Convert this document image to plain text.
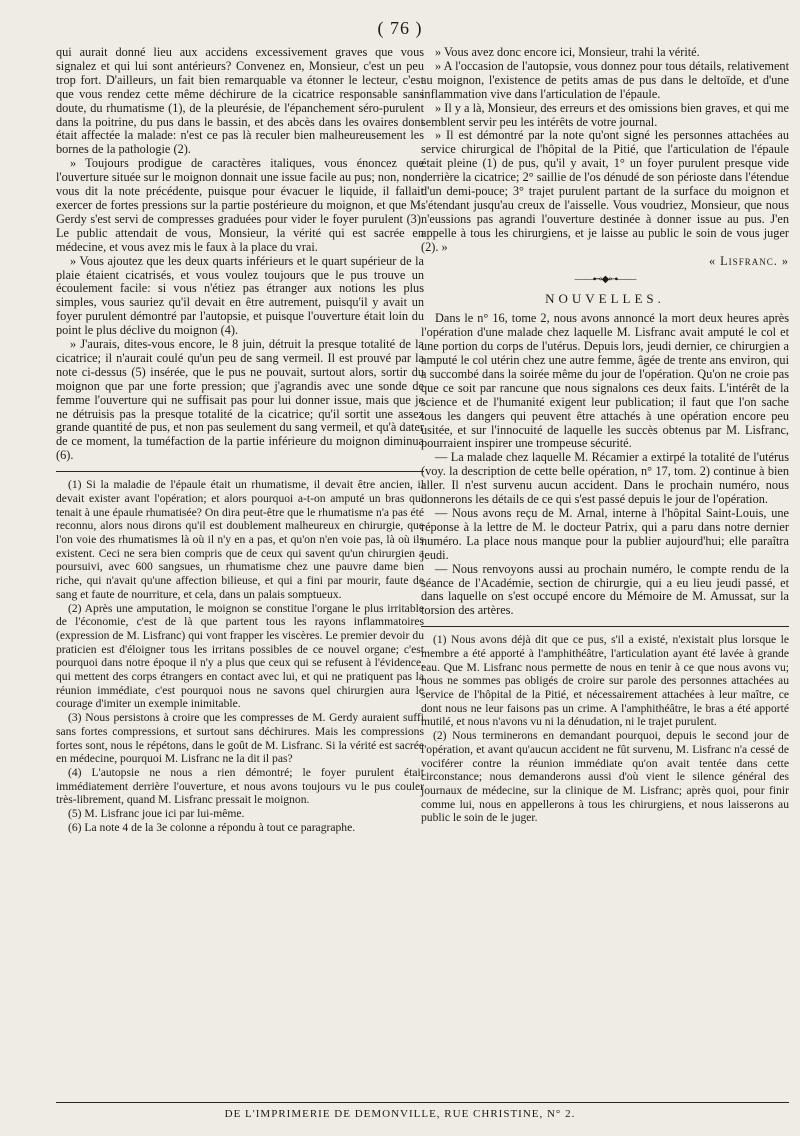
( 76 )

qui aurait donné lieu aux accidens excessivement graves que vous signalez et qui lui sont antérieurs? Convenez en, Monsieur, c'est un peu trop fort. D'ailleurs, un fait bien remarquable va étonner le lecteur, c'est que vous rendez cette même déchirure de la cicatrice responsable sans doute, du rhumatisme (1), de la pleurésie, de l'épanchement séro-purulent dans la poitrine, du pus dans le bassin, et des abcès dans les ovaires dont était affectée la malade: n'est ce pas là reculer bien malheureusement les bornes de la pathologie (2).

» Toujours prodigue de caractères italiques, vous énoncez que l'ouverture située sur le moignon donnait une issue facile au pus; non, non, vous dit la note précédente, puisque pour évacuer le liquide, il fallait exercer de fortes pressions sur la partie postérieure du moignon, et que M. Gerdy s'est servi de compresses graduées pour vider le foyer purulent (3). Le public attendait de vous, Monsieur, la vérité qui est sacrée en médecine, et vous avez mis le faux à la place du vrai.

» Vous ajoutez que les deux quarts inférieurs et le quart supérieur de la plaie étaient cicatrisés, et vous voulez toujours que le pus trouve un écoulement facile: si vous n'étiez pas étranger aux notions les plus simples, vous sauriez qu'il devait en être autrement, puisqu'il y avait un foyer purulent démontré par l'autopsie, et puisque l'ouverture était loin du point le plus déclive du moignon (4).

» J'aurais, dites-vous encore, le 8 juin, détruit la presque totalité de la cicatrice; il n'aurait coulé qu'un peu de sang vermeil. Il est prouvé par la note ci-dessus (5) insérée, que le pus ne pouvait, surtout alors, sortir du moignon que par une forte pression; que j'agrandis avec une sonde de femme l'ouverture qui ne suffisait pas pour lui donner issue, mais que je ne détruisis pas la presque totalité de la cicatrice; qu'il sortit une assez grande quantité de pus, et non pas seulement du sang vermeil, et qu'à dater de ce moment, la tuméfaction de la partie inférieure du moignon diminua (6).

(1) Si la maladie de l'épaule était un rhumatisme, il devait être ancien, il devait exister avant l'opération; et alors pourquoi a-t-on amputé un bras qui tenait à une épaule rhumatisée? On dira peut-être que le rhumatisme n'a pas été reconnu, alors nous dirons qu'il est doublement malheureux en chirurgie, que l'on voie des rhumatismes là où il n'y en a pas, et qu'on n'en voie pas, là où ils existent. Ceci ne sera bien compris que de ceux qui savent qu'un chirurgien a poursuivi, avec 600 sangsues, un rhumatisme chez une pauvre dame bien riche, qui n'avait qu'une affection bilieuse, et qui a fini par mourir, faute de sang et faute de nourriture, et cela, dans un palais somptueux.

(2) Après une amputation, le moignon se constitue l'organe le plus irritable de l'économie, c'est de là que partent tous les rayons inflammatoires (expression de M. Lisfranc) qui vont frapper les viscères. Le premier devoir du praticien est d'éloigner tous les irritans possibles de ce nouvel organe; c'est pourquoi dans notre époque il n'y a plus que ceux qui se refusent à l'évidence, qui mettent des corps étrangers en contact avec lui, et qui ne pratiquent pas la réunion immédiate, c'est pourquoi nous ne savons quel chirurgien aura le courage d'imiter un exemple inimitable.

(3) Nous persistons à croire que les compresses de M. Gerdy auraient suffi sans fortes compressions, et surtout sans déchirures. Mais les compressions fortes sont, nous le répétons, dans le goût de M. Lisfranc. Si la vérité est sacrée en médecine, pourquoi M. Lisfranc ne la dit il pas?

(4) L'autopsie ne nous a rien démontré; le foyer purulent était immédiatement derrière l'ouverture, et nous avons toujours vu le pus couler très-librement, quand M. Lisfranc pressait le moignon.

(5) M. Lisfranc joue ici par lui-même.

(6) La note 4 de la 3e colonne a répondu à tout ce paragraphe.

» Vous avez donc encore ici, Monsieur, trahi la vérité.

» A l'occasion de l'autopsie, vous donnez pour tous détails, relativement au moignon, l'existence de petits amas de pus dans le deltoïde, et d'une inflammation vive dans l'articulation de l'épaule.

» Il y a là, Monsieur, des erreurs et des omissions bien graves, et qui me semblent servir peu les intérêts de votre journal.

» Il est démontré par la note qu'ont signé les personnes attachées au service chirurgical de l'hôpital de la Pitié, que l'articulation de l'épaule était pleine (1) de pus, qu'il y avait, 1° un foyer purulent presque vide derrière la cicatrice; 2° saillie de l'os dénudé de son périoste dans l'étendue d'un demi-pouce; 3° trajet purulent partant de la surface du moignon et s'étendant jusqu'au creux de l'aisselle. Vous voudriez, Monsieur, que nous n'eussions pas agrandi l'ouverture destinée à donner issue au pus. J'en appelle à tous les chirurgiens, et je laisse au public le soin de vous juger (2). »

« Lisfranc. »

——⊷◆⊶——
NOUVELLES.

Dans le n° 16, tome 2, nous avons annoncé la mort deux heures après l'opération d'une malade chez laquelle M. Lisfranc avait amputé le col et une portion du corps de l'utérus. Depuis lors, jeudi dernier, ce chirurgien a amputé le col utérin chez une autre femme, âgée de trente ans environ, qui a succombé dans la soirée même du jour de l'opération. Qu'on ne croie pas que ce soit par rancune que nous signalons ces deux faits. L'intérêt de la science et de l'humanité exigent leur publication; il faut que l'on sache tous les dangers qui peuvent être attachés à une opération encore peu usitée, et sur l'innocuité de laquelle les succès obtenus par M. Lisfranc, pourraient inspirer une trompeuse sécurité.

— La malade chez laquelle M. Récamier a extirpé la totalité de l'utérus (voy. la description de cette belle opération, n° 17, tom. 2) continue à bien aller. Il n'est survenu aucun accident. Dans le prochain numéro, nous donnerons les détails de ce qui s'est passé depuis le jour de l'opération.

— Nous avons reçu de M. Arnal, interne à l'hôpital Saint-Louis, une réponse à la lettre de M. le docteur Patrix, qui a paru dans notre dernier numéro. La place nous manque pour la publier aujourd'hui; elle paraîtra jeudi.

— Nous renvoyons aussi au prochain numéro, le compte rendu de la séance de l'Académie, section de chirurgie, qui a eu lieu jeudi passé, et dans laquelle on s'est occupé encore du Mémoire de M. Amussat, sur la torsion des artères.

(1) Nous avons déjà dit que ce pus, s'il a existé, n'existait plus lorsque le membre a été apporté à l'amphithéâtre, l'articulation ayant été lavée à grande eau. Que M. Lisfranc nous permette de nous en tenir à ce que nous avons vu; nous ne sommes pas obligés de croire sur parole des personnes attachées au service de l'hôpital de la Pitié, et nécessairement attachées à leur maître, ce dont nous ne leur faisons pas un crime. A l'amphithéâtre, le bras a été apporté mutilé, et nous n'avons vu ni la dénudation, ni le trajet purulent.

(2) Nous terminerons en demandant pourquoi, depuis le second jour de l'opération, et avant qu'aucun accident ne fût survenu, M. Lisfranc n'a cessé de vociférer contre la réunion immédiate qu'on avait tentée dans cette circonstance; nous demanderons aussi d'où vient le silence général des journaux de médecine, sur la clinique de M. Lisfranc; après quoi, pour finir comme lui, nous en appellerons à tous les chirurgiens, et nous laisserons au public le soin de le juger.

DE L'IMPRIMERIE DE DEMONVILLE, RUE CHRISTINE, N° 2.
